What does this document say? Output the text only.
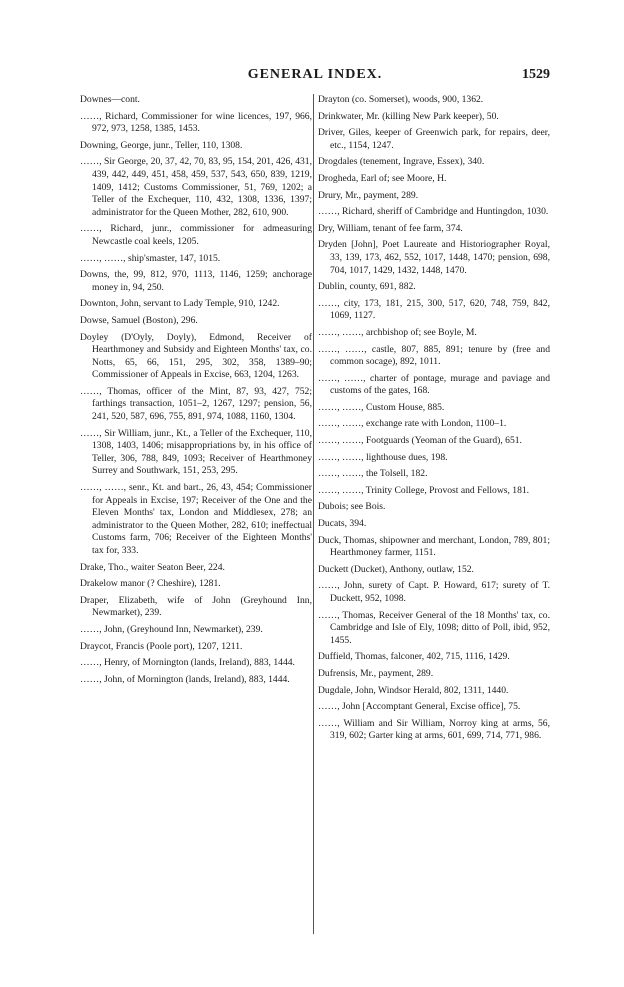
GENERAL INDEX.	1529
Downes—cont.
……, Richard, Commissioner for wine licences, 197, 966, 972, 973, 1258, 1385, 1453.
Downing, George, junr., Teller, 110, 1308.
……, Sir George, 20, 37, 42, 70, 83, 95, 154, 201, 426, 431, 439, 442, 449, 451, 458, 459, 537, 543, 650, 839, 1219, 1409, 1412; Customs Commissioner, 51, 769, 1202; a Teller of the Exchequer, 110, 432, 1308, 1336, 1397; administrator for the Queen Mother, 282, 610, 900.
……, Richard, junr., commissioner for admeasuring Newcastle coal keels, 1205.
……, ……, ship'smaster, 147, 1015.
Downs, the, 99, 812, 970, 1113, 1146, 1259; anchorage money in, 94, 250.
Downton, John, servant to Lady Temple, 910, 1242.
Dowse, Samuel (Boston), 296.
Doyley (D'Oyly, Doyly), Edmond, Receiver of Hearthmoney and Subsidy and Eighteen Months' tax, co. Notts, 65, 66, 151, 295, 302, 358, 1389–90; Commissioner of Appeals in Excise, 663, 1204, 1263.
……, Thomas, officer of the Mint, 87, 93, 427, 752; farthings transaction, 1051–2, 1267, 1297; pension, 56, 241, 520, 587, 696, 755, 891, 974, 1088, 1160, 1304.
……, Sir William, junr., Kt., a Teller of the Exchequer, 110, 1308, 1403, 1406; misappropriations by, in his office of Teller, 306, 788, 849, 1093; Receiver of Hearthmoney Surrey and Southwark, 151, 253, 295.
……, ……, senr., Kt. and bart., 26, 43, 454; Commissioner for Appeals in Excise, 197; Receiver of the One and the Eleven Months' tax, London and Middlesex, 278; an administrator to the Queen Mother, 282, 610; ineffectual Customs farm, 706; Receiver of the Eighteen Months' tax for, 333.
Drake, Tho., waiter Seaton Beer, 224.
Drakelow manor (? Cheshire), 1281.
Draper, Elizabeth, wife of John (Greyhound Inn, Newmarket), 239.
……, John, (Greyhound Inn, Newmarket), 239.
Draycot, Francis (Poole port), 1207, 1211.
……, Henry, of Mornington (lands, Ireland), 883, 1444.
……, John, of Mornington (lands, Ireland), 883, 1444.
Drayton (co. Somerset), woods, 900, 1362.
Drinkwater, Mr. (killing New Park keeper), 50.
Driver, Giles, keeper of Greenwich park, for repairs, deer, etc., 1154, 1247.
Drogdales (tenement, Ingrave, Essex), 340.
Drogheda, Earl of; see Moore, H.
Drury, Mr., payment, 289.
……, Richard, sheriff of Cambridge and Huntingdon, 1030.
Dry, William, tenant of fee farm, 374.
Dryden [John], Poet Laureate and Historiographer Royal, 33, 139, 173, 462, 552, 1017, 1448, 1470; pension, 698, 704, 1017, 1429, 1432, 1448, 1470.
Dublin, county, 691, 882.
……, city, 173, 181, 215, 300, 517, 620, 748, 759, 842, 1069, 1127.
……, ……, archbishop of; see Boyle, M.
……, ……, castle, 807, 885, 891; tenure by (free and common socage), 892, 1011.
……, ……, charter of pontage, murage and paviage and customs of the gates, 168.
……, ……, Custom House, 885.
……, ……, exchange rate with London, 1100–1.
……, ……, Footguards (Yeoman of the Guard), 651.
……, ……, lighthouse dues, 198.
……, ……, the Tolsell, 182.
……, ……, Trinity College, Provost and Fellows, 181.
Dubois; see Bois.
Ducats, 394.
Duck, Thomas, shipowner and merchant, London, 789, 801; Hearthmoney farmer, 1151.
Duckett (Ducket), Anthony, outlaw, 152.
……, John, surety of Capt. P. Howard, 617; surety of T. Duckett, 952, 1098.
……, Thomas, Receiver General of the 18 Months' tax, co. Cambridge and Isle of Ely, 1098; ditto of Poll, ibid, 952, 1455.
Duffield, Thomas, falconer, 402, 715, 1116, 1429.
Dufrensis, Mr., payment, 289.
Dugdale, John, Windsor Herald, 802, 1311, 1440.
……, John [Accomptant General, Excise office], 75.
……, William and Sir William, Norroy king at arms, 56, 319, 602; Garter king at arms, 601, 699, 714, 771, 986.
